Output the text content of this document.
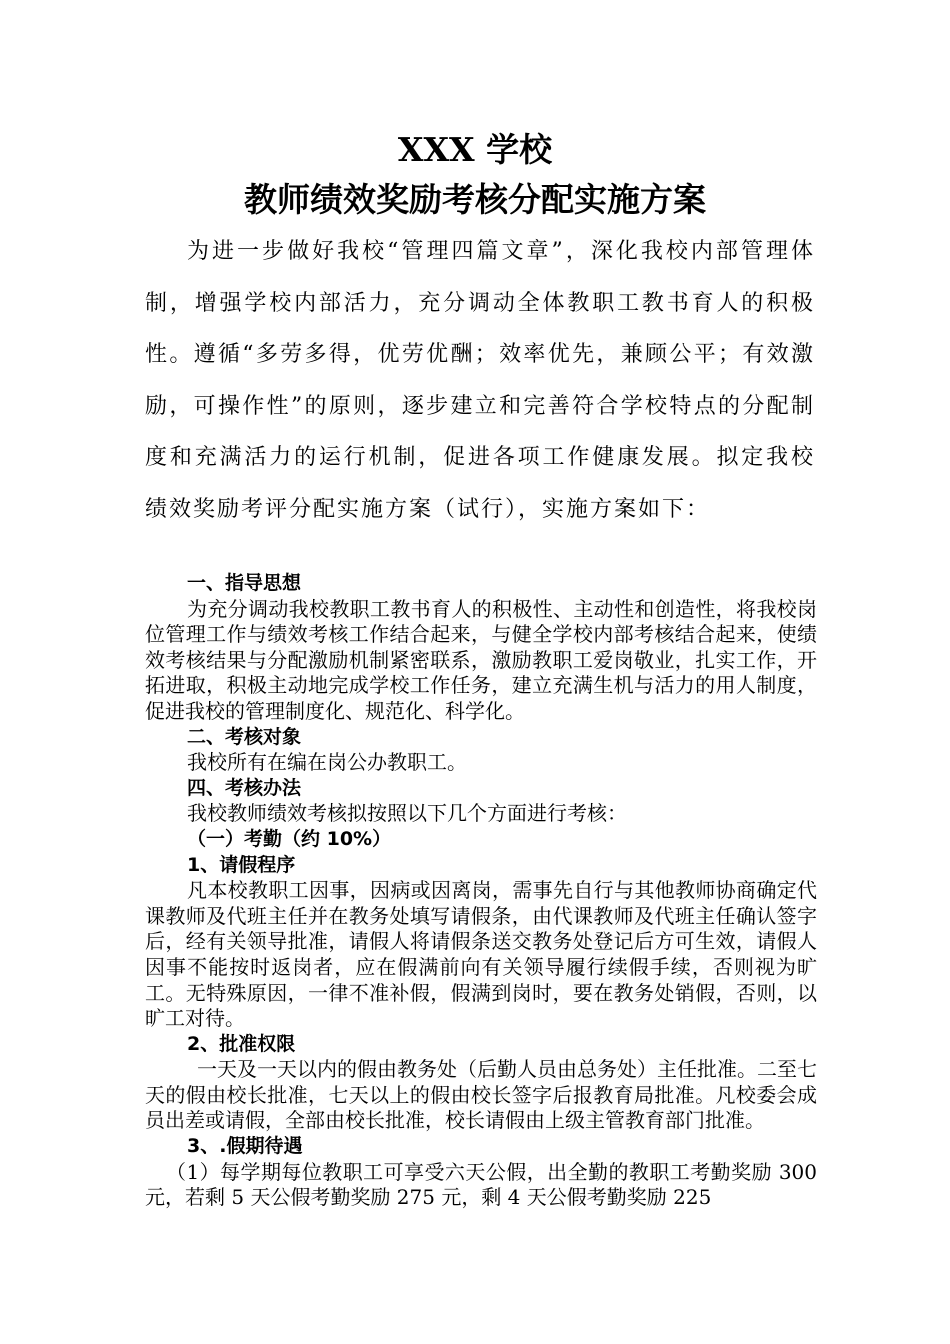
XXX 学校
教师绩效奖励考核分配实施方案
为进一步做好我校“管理四篇文章”，深化我校内部管理体制，增强学校内部活力，充分调动全体教职工教书育人的积极性。遵循“多劳多得，优劳优酬；效率优先，兼顾公平；有效激励，可操作性”的原则，逐步建立和完善符合学校特点的分配制度和充满活力的运行机制，促进各项工作健康发展。拟定我校绩效奖励考评分配实施方案（试行），实施方案如下：

一、指导思想

为充分调动我校教职工教书育人的积极性、主动性和创造性，将我校岗位管理工作与绩效考核工作结合起来，与健全学校内部考核结合起来，使绩效考核结果与分配激励机制紧密联系，激励教职工爱岗敬业，扎实工作，开拓进取，积极主动地完成学校工作任务，建立充满生机与活力的用人制度，促进我校的管理制度化、规范化、科学化。

二、考核对象

我校所有在编在岗公办教职工。

四、考核办法

我校教师绩效考核拟按照以下几个方面进行考核：

（一）考勤（约 10%）

1、请假程序

凡本校教职工因事，因病或因离岗，需事先自行与其他教师协商确定代课教师及代班主任并在教务处填写请假条，由代课教师及代班主任确认签字后，经有关领导批准，请假人将请假条送交教务处登记后方可生效，请假人因事不能按时返岗者，应在假满前向有关领导履行续假手续，否则视为旷工。无特殊原因，一律不准补假，假满到岗时，要在教务处销假，否则，以旷工对待。

2、批准权限

一天及一天以内的假由教务处（后勤人员由总务处）主任批准。二至七天的假由校长批准，七天以上的假由校长签字后报教育局批准。凡校委会成员出差或请假，全部由校长批准，校长请假由上级主管教育部门批准。

3、.假期待遇

（1）每学期每位教职工可享受六天公假，出全勤的教职工考勤奖励 300 元，若剩 5 天公假考勤奖励 275 元，剩 4 天公假考勤奖励 225
